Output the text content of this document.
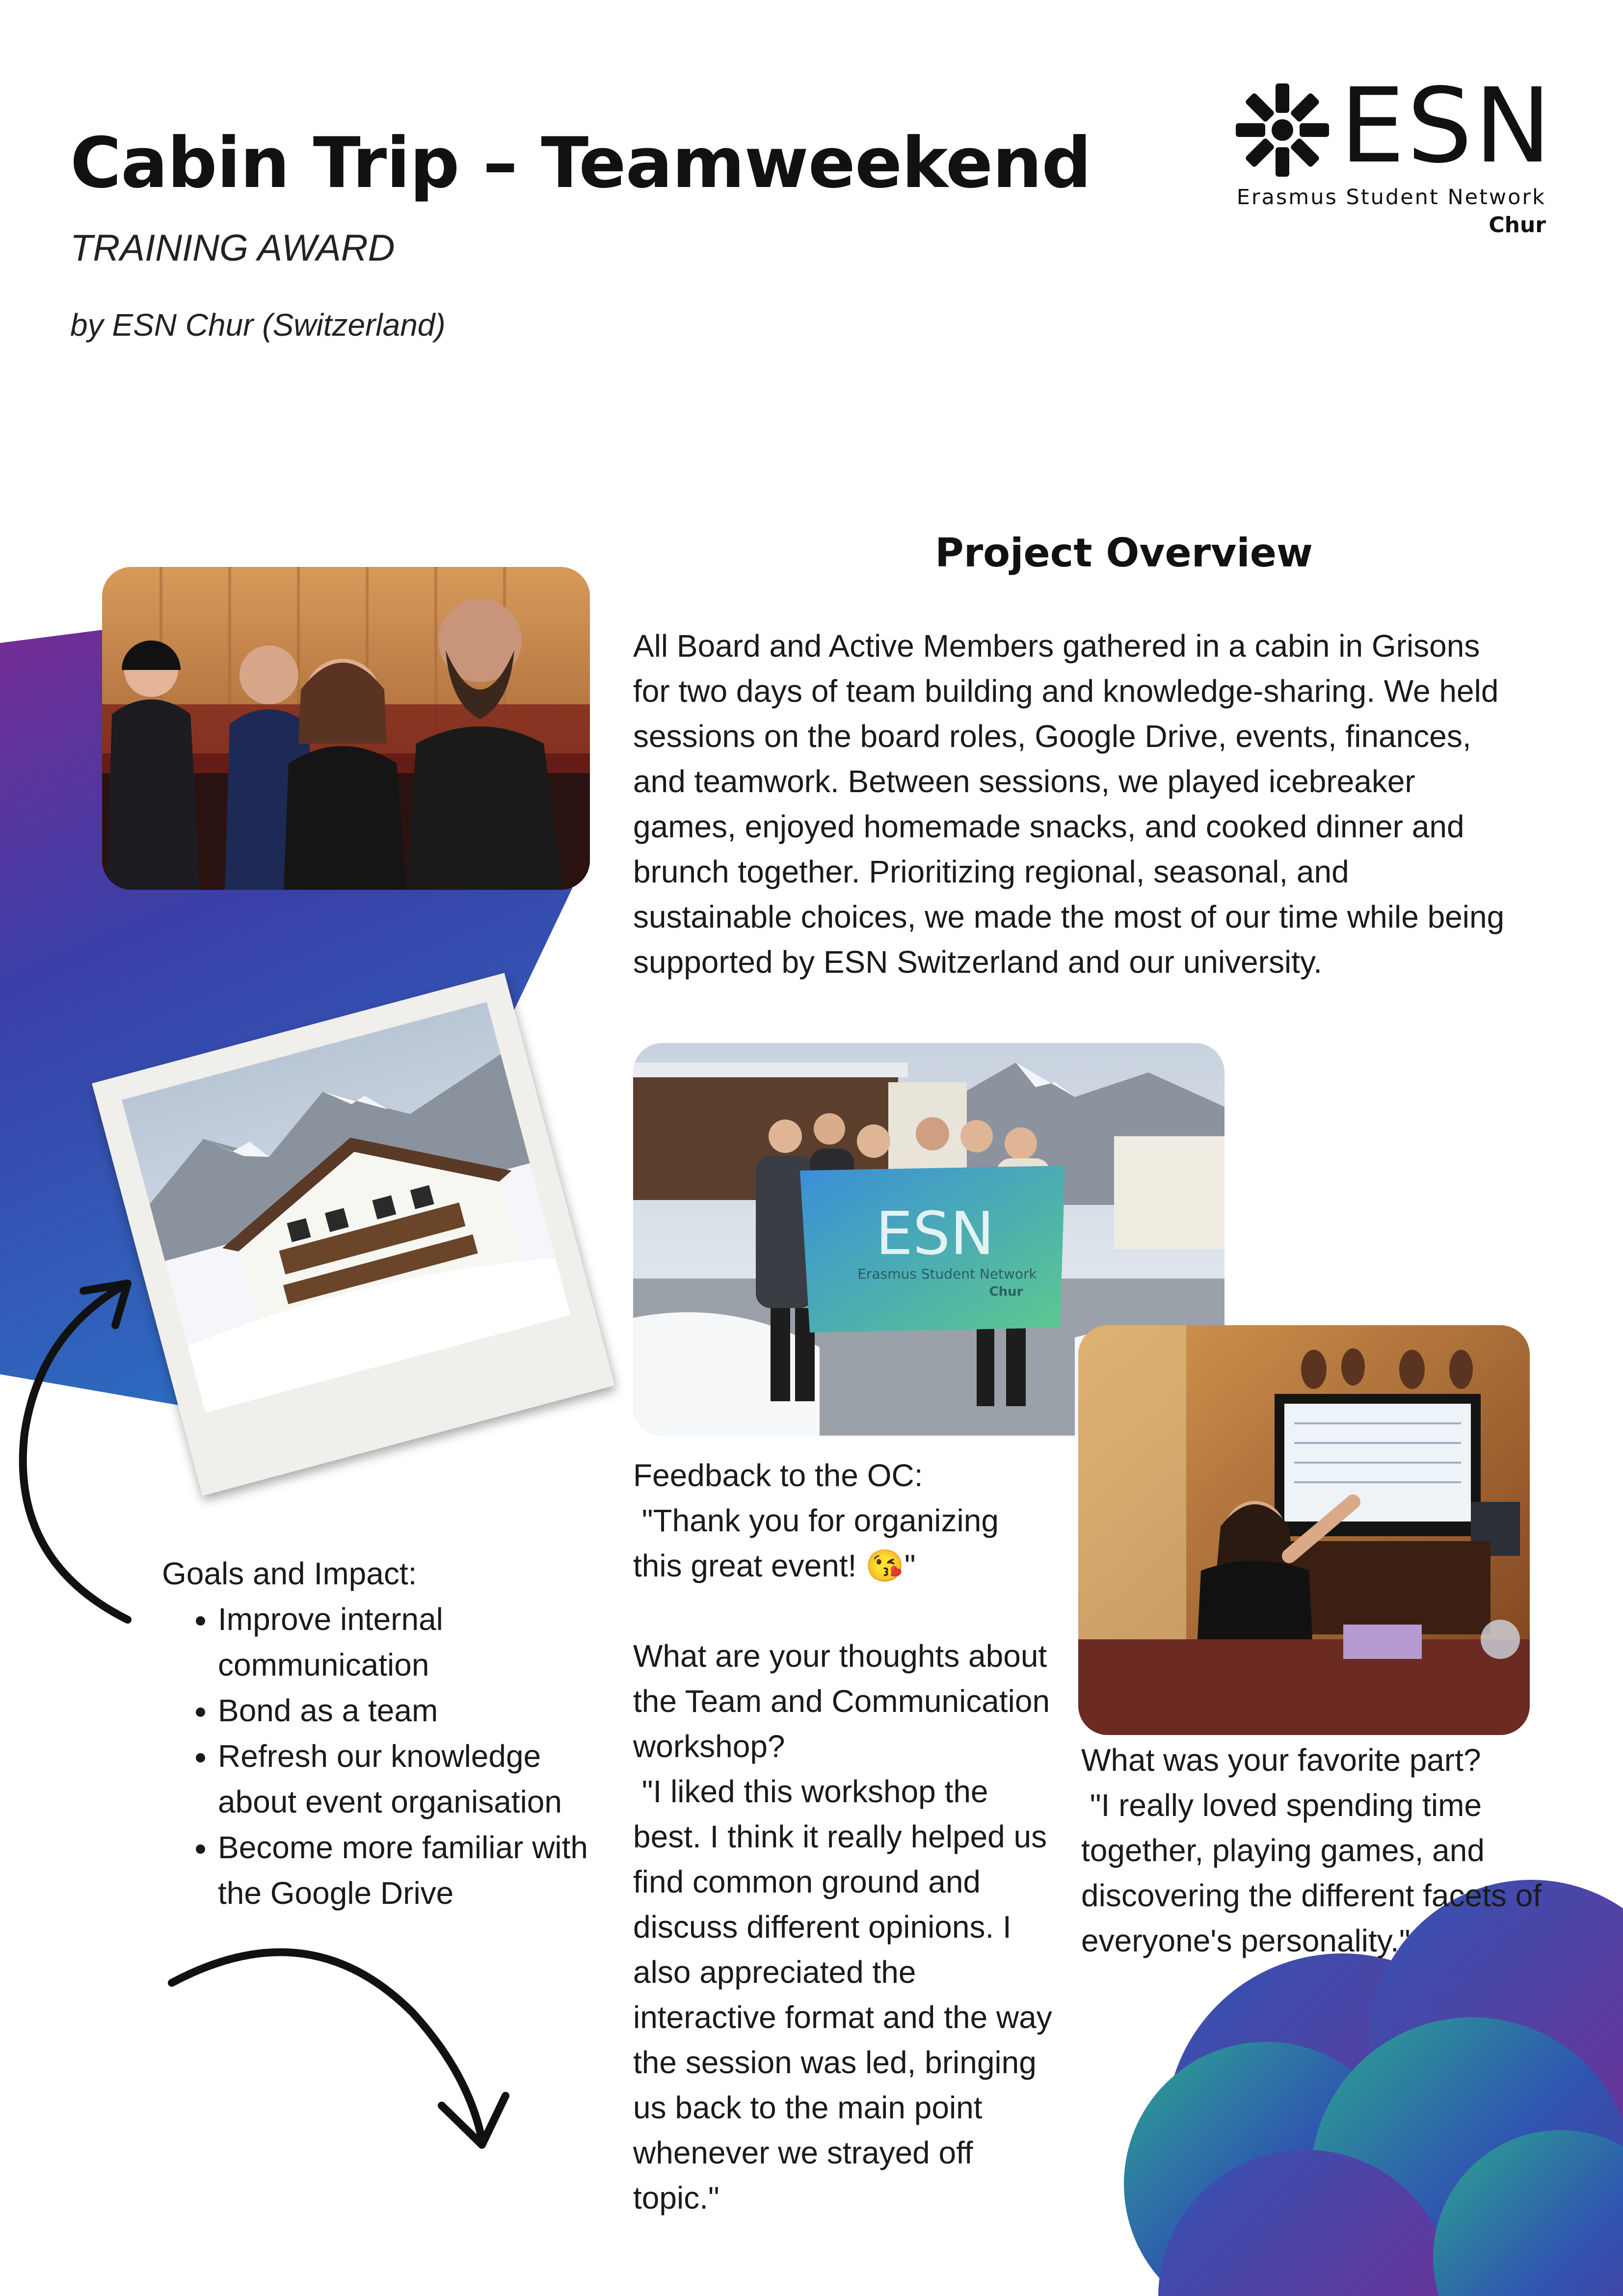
Cabin Trip – Teamweekend
TRAINING AWARD
by ESN Chur (Switzerland)
ESN
Erasmus Student Network
Chur
Project Overview
All Board and Active Members gathered in a cabin in Grisons for two days of team building and knowledge-sharing. We held sessions on the board roles, Google Drive, events, finances, and teamwork. Between sessions, we played icebreaker games, enjoyed homemade snacks, and cooked dinner and brunch together. Prioritizing regional, seasonal, and sustainable choices, we made the most of our time while being supported by ESN Switzerland and our university.
ESN
Erasmus Student Network
Chur
Goals and Impact:
• Improve internal communication
• Bond as a team
• Refresh our knowledge about event organisation
• Become more familiar with the Google Drive
Feedback to the OC:
"Thank you for organizing this great event! 😘"
What are your thoughts about the Team and Communication workshop?
"I liked this workshop the best. I think it really helped us find common ground and discuss different opinions. I also appreciated the interactive format and the way the session was led, bringing us back to the main point whenever we strayed off topic."
What was your favorite part?
"I really loved spending time together, playing games, and discovering the different facets of everyone's personality."
